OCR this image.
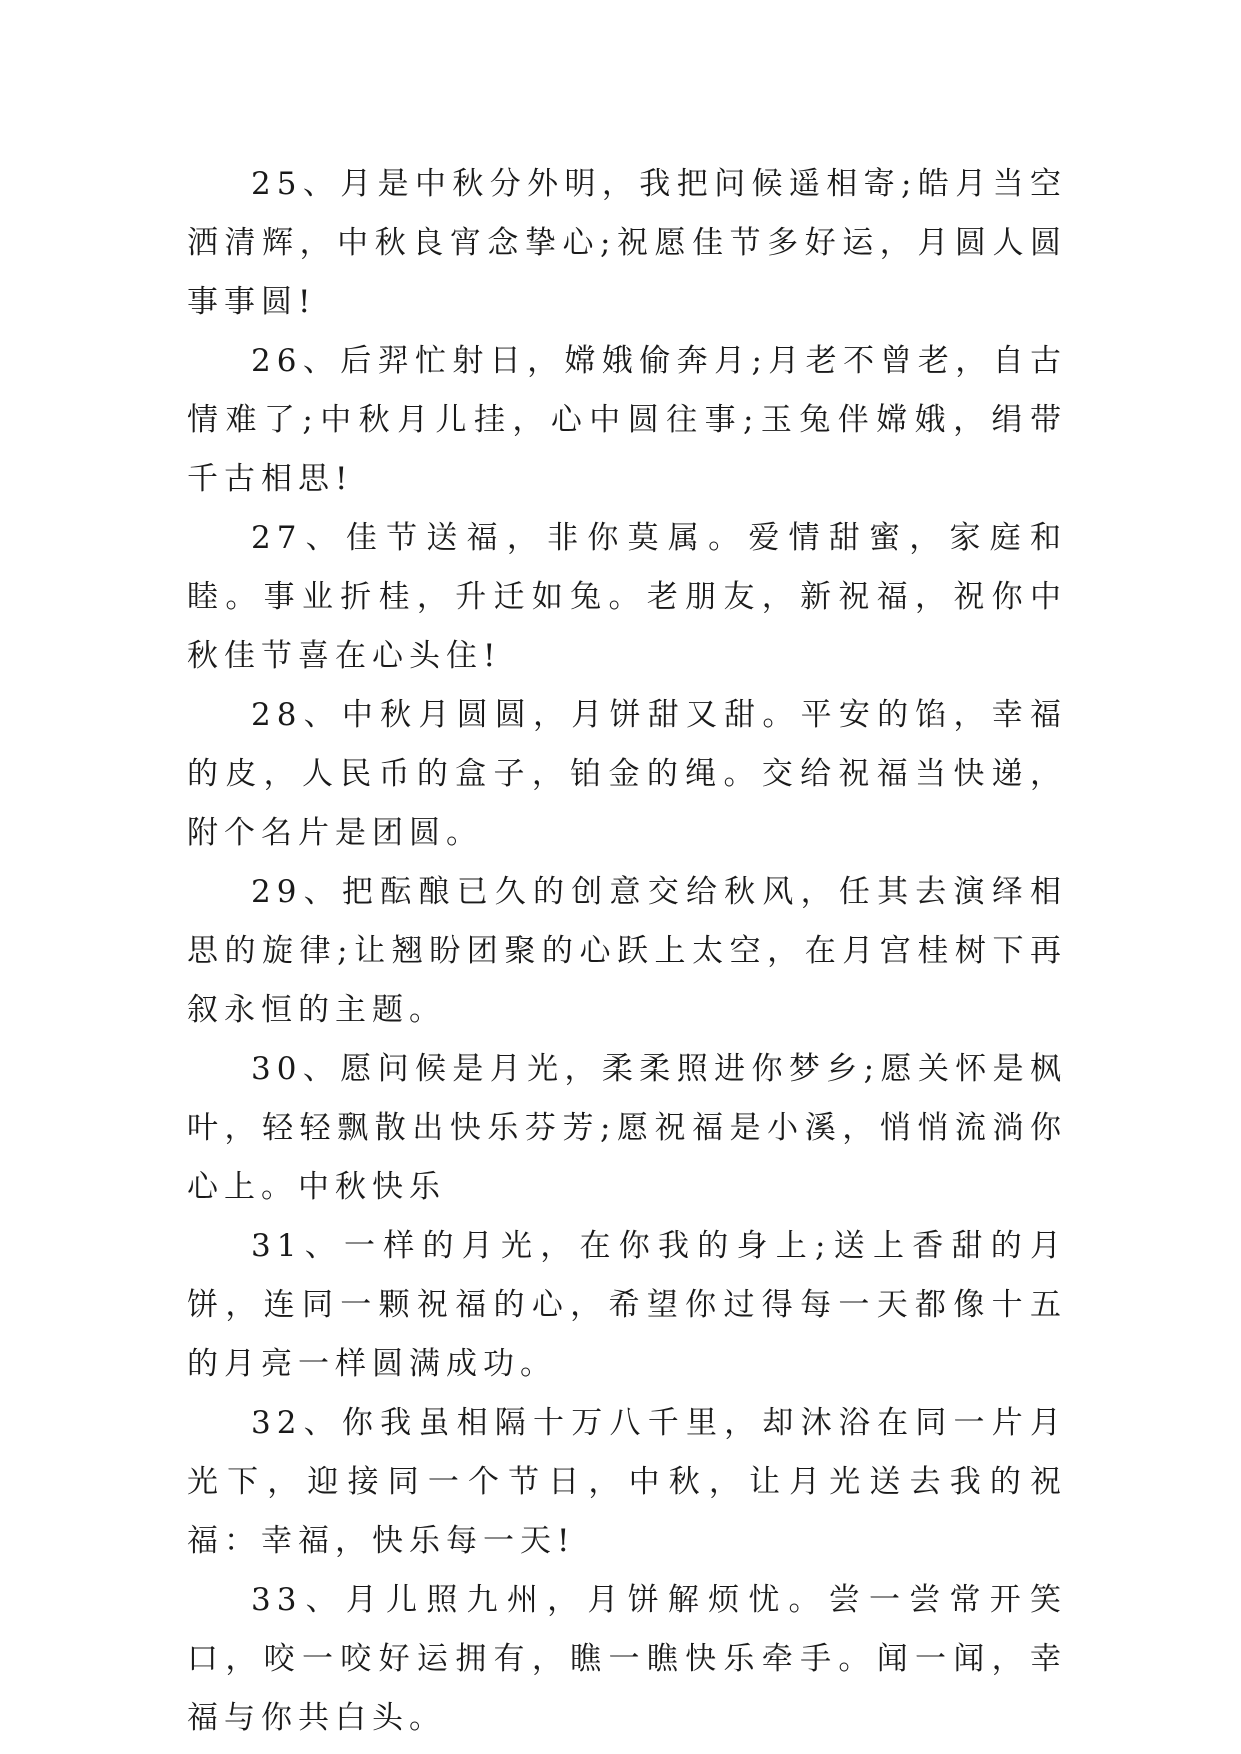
25、月是中秋分外明，我把问候遥相寄;皓月当空洒清辉，中秋良宵念挚心;祝愿佳节多好运，月圆人圆事事圆!

26、后羿忙射日，嫦娥偷奔月;月老不曾老，自古情难了;中秋月儿挂，心中圆往事;玉兔伴嫦娥，绢带千古相思!

27、佳节送福，非你莫属。爱情甜蜜，家庭和睦。事业折桂，升迁如兔。老朋友，新祝福，祝你中秋佳节喜在心头住!

28、中秋月圆圆，月饼甜又甜。平安的馅，幸福的皮，人民币的盒子，铂金的绳。交给祝福当快递，附个名片是团圆。

29、把酝酿已久的创意交给秋风，任其去演绎相思的旋律;让翘盼团聚的心跃上太空，在月宫桂树下再叙永恒的主题。

30、愿问候是月光，柔柔照进你梦乡;愿关怀是枫叶，轻轻飘散出快乐芬芳;愿祝福是小溪，悄悄流淌你心上。中秋快乐

31、一样的月光，在你我的身上;送上香甜的月饼，连同一颗祝福的心，希望你过得每一天都像十五的月亮一样圆满成功。

32、你我虽相隔十万八千里，却沐浴在同一片月光下，迎接同一个节日，中秋，让月光送去我的祝福：幸福，快乐每一天!

33、月儿照九州，月饼解烦忧。尝一尝常开笑口，咬一咬好运拥有，瞧一瞧快乐牵手。闻一闻，幸福与你共白头。
